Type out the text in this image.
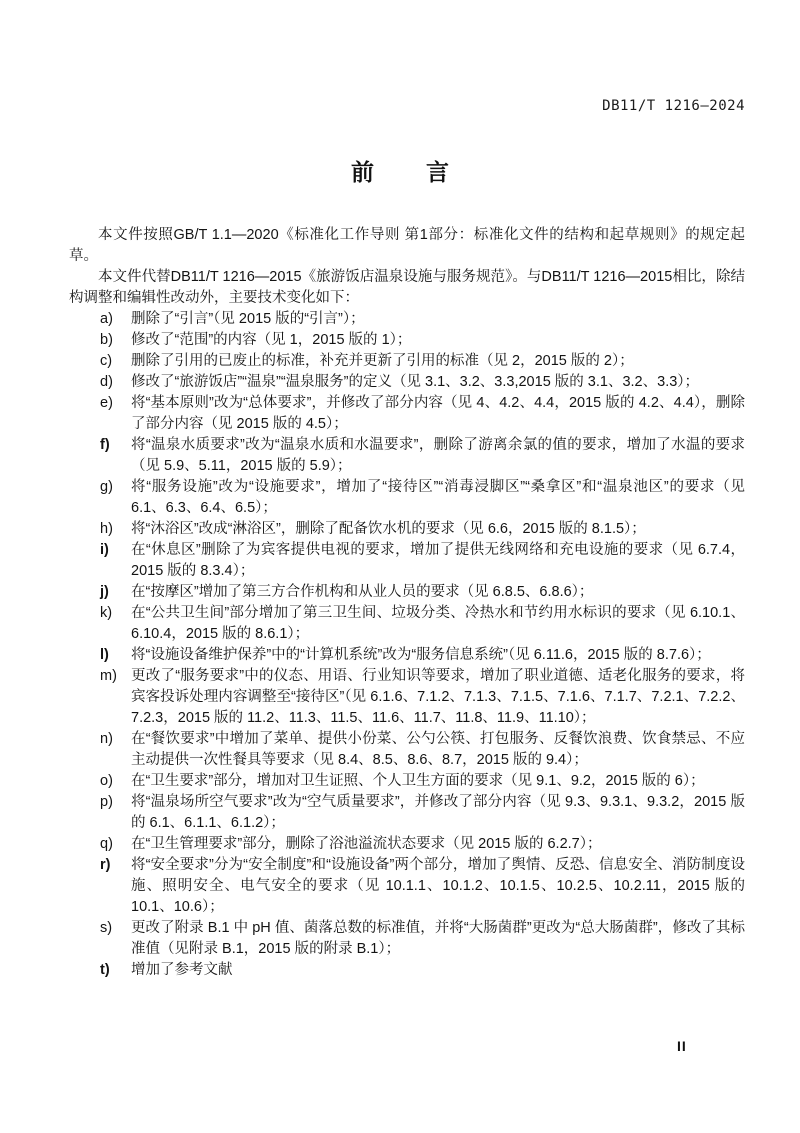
DB11/T 1216—2024
前 言

本文件按照GB/T 1.1—2020《标准化工作导则 第1部分：标准化文件的结构和起草规则》的规定起草。

本文件代替DB11/T 1216—2015《旅游饭店温泉设施与服务规范》。与DB11/T 1216—2015相比，除结构调整和编辑性改动外，主要技术变化如下：

a)	删除了“引言”（见 2015 版的“引言”）；
b)	修改了“范围”的内容（见 1，2015 版的 1）；
c)	删除了引用的已废止的标准，补充并更新了引用的标准（见 2，2015 版的 2）；
d)	修改了“旅游饭店”“温泉”“温泉服务”的定义（见 3.1、3.2、3.3,2015 版的 3.1、3.2、3.3）；
e)	将“基本原则”改为“总体要求”，并修改了部分内容（见 4、4.2、4.4，2015 版的 4.2、4.4），删除了部分内容（见 2015 版的 4.5）；
f)	将“温泉水质要求”改为“温泉水质和水温要求”，删除了游离余氯的值的要求，增加了水温的要求（见 5.9、5.11，2015 版的 5.9）；
g)	将“服务设施”改为“设施要求”，增加了“接待区”“消毒浸脚区”“桑拿区”和“温泉池区”的要求（见 6.1、6.3、6.4、6.5）；
h)	将“沐浴区”改成“淋浴区”，删除了配备饮水机的要求（见 6.6，2015 版的 8.1.5）；
i)	在“休息区”删除了为宾客提供电视的要求，增加了提供无线网络和充电设施的要求（见 6.7.4，2015 版的 8.3.4）；
j)	在“按摩区”增加了第三方合作机构和从业人员的要求（见 6.8.5、6.8.6）；
k)	在“公共卫生间”部分增加了第三卫生间、垃圾分类、冷热水和节约用水标识的要求（见 6.10.1、6.10.4，2015 版的 8.6.1）；
l)	将“设施设备维护保养”中的“计算机系统”改为“服务信息系统”（见 6.11.6，2015 版的 8.7.6）；
m) 更改了“服务要求”中的仪态、用语、行业知识等要求，增加了职业道德、适老化服务的要求，将宾客投诉处理内容调整至“接待区”（见 6.1.6、7.1.2、7.1.3、7.1.5、7.1.6、7.1.7、7.2.1、7.2.2、7.2.3，2015 版的 11.2、11.3、11.5、11.6、11.7、11.8、11.9、11.10）；
n)	在“餐饮要求”中增加了菜单、提供小份菜、公勺公筷、打包服务、反餐饮浪费、饮食禁忌、不应主动提供一次性餐具等要求（见 8.4、8.5、8.6、8.7，2015 版的 9.4）；
o)	在“卫生要求”部分，增加对卫生证照、个人卫生方面的要求（见 9.1、9.2，2015 版的 6）；
p)	将“温泉场所空气要求”改为“空气质量要求”，并修改了部分内容（见 9.3、9.3.1、9.3.2，2015 版的 6.1、6.1.1、6.1.2）；
q)	在“卫生管理要求”部分，删除了浴池溢流状态要求（见 2015 版的 6.2.7）；
r)	将“安全要求”分为“安全制度”和“设施设备”两个部分，增加了舆情、反恐、信息安全、消防制度设施、照明安全、电气安全的要求（见 10.1.1、10.1.2、10.1.5、10.2.5、10.2.11，2015 版的 10.1、10.6）；
s)	更改了附录 B.1 中 pH 值、菌落总数的标准值，并将“大肠菌群”更改为“总大肠菌群”，修改了其标准值（见附录 B.1，2015 版的附录 B.1）；
t)	增加了参考文献
II
